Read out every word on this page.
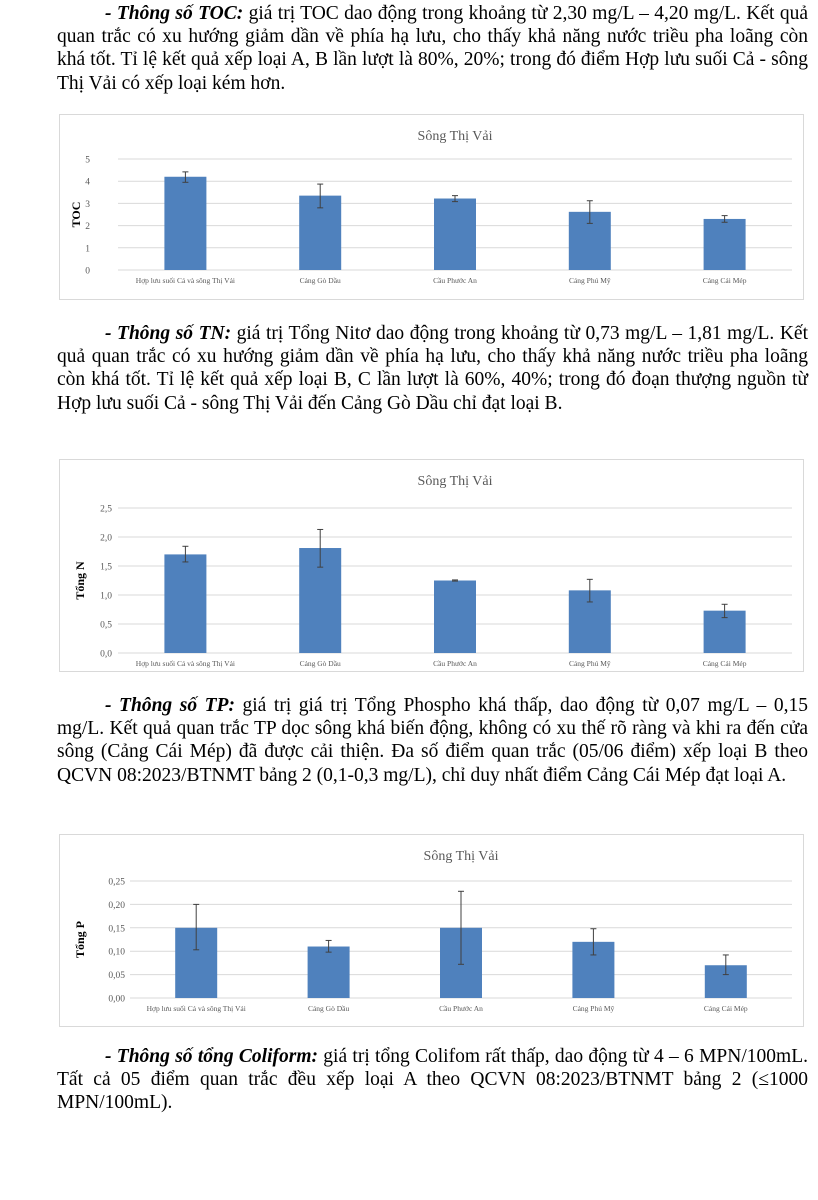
- Thông số TOC: giá trị TOC dao động trong khoảng từ 2,30 mg/L – 4,20 mg/L. Kết quả quan trắc có xu hướng giảm dần về phía hạ lưu, cho thấy khả năng nước triều pha loãng còn khá tốt. Tỉ lệ kết quả xếp loại A, B lần lượt là 80%, 20%; trong đó điểm Hợp lưu suối Cả - sông Thị Vải có xếp loại kém hơn.

Sông Thị Vải
0
1
2
3
4
5
TOC
Hợp lưu suối Cả và sông Thị Vải	Cảng Gò Dầu	Cầu Phước An	Cảng Phú Mỹ	Cảng Cái Mép

- Thông số TN: giá trị Tổng Nitơ dao động trong khoảng từ 0,73 mg/L – 1,81 mg/L. Kết quả quan trắc có xu hướng giảm dần về phía hạ lưu, cho thấy khả năng nước triều pha loãng còn khá tốt. Tỉ lệ kết quả xếp loại B, C lần lượt là 60%, 40%; trong đó đoạn thượng nguồn từ Hợp lưu suối Cả - sông Thị Vải đến Cảng Gò Dầu chỉ đạt loại B.

Sông Thị Vải
0,0
0,5
1,0
1,5
2,0
2,5
Tổng N
Hợp lưu suối Cả và sông Thị Vải	Cảng Gò Dầu	Cầu Phước An	Cảng Phú Mỹ	Cảng Cái Mép

- Thông số TP: giá trị giá trị Tổng Phospho khá thấp, dao động từ 0,07 mg/L – 0,15 mg/L. Kết quả quan trắc TP dọc sông khá biến động, không có xu thế rõ ràng và khi ra đến cửa sông (Cảng Cái Mép) đã được cải thiện. Đa số điểm quan trắc (05/06 điểm) xếp loại B theo QCVN 08:2023/BTNMT bảng 2 (0,1-0,3 mg/L), chỉ duy nhất điểm Cảng Cái Mép đạt loại A.

Sông Thị Vải
0,00
0,05
0,10
0,15
0,20
0,25
Tổng P
Hợp lưu suối Cả và sông Thị Vải	Cảng Gò Dầu	Cầu Phước An	Cảng Phú Mỹ	Cảng Cái Mép

- Thông số tổng Coliform: giá trị tổng Colifom rất thấp, dao động từ 4 – 6 MPN/100mL. Tất cả 05 điểm quan trắc đều xếp loại A theo QCVN 08:2023/BTNMT bảng 2 (≤1000 MPN/100mL).
